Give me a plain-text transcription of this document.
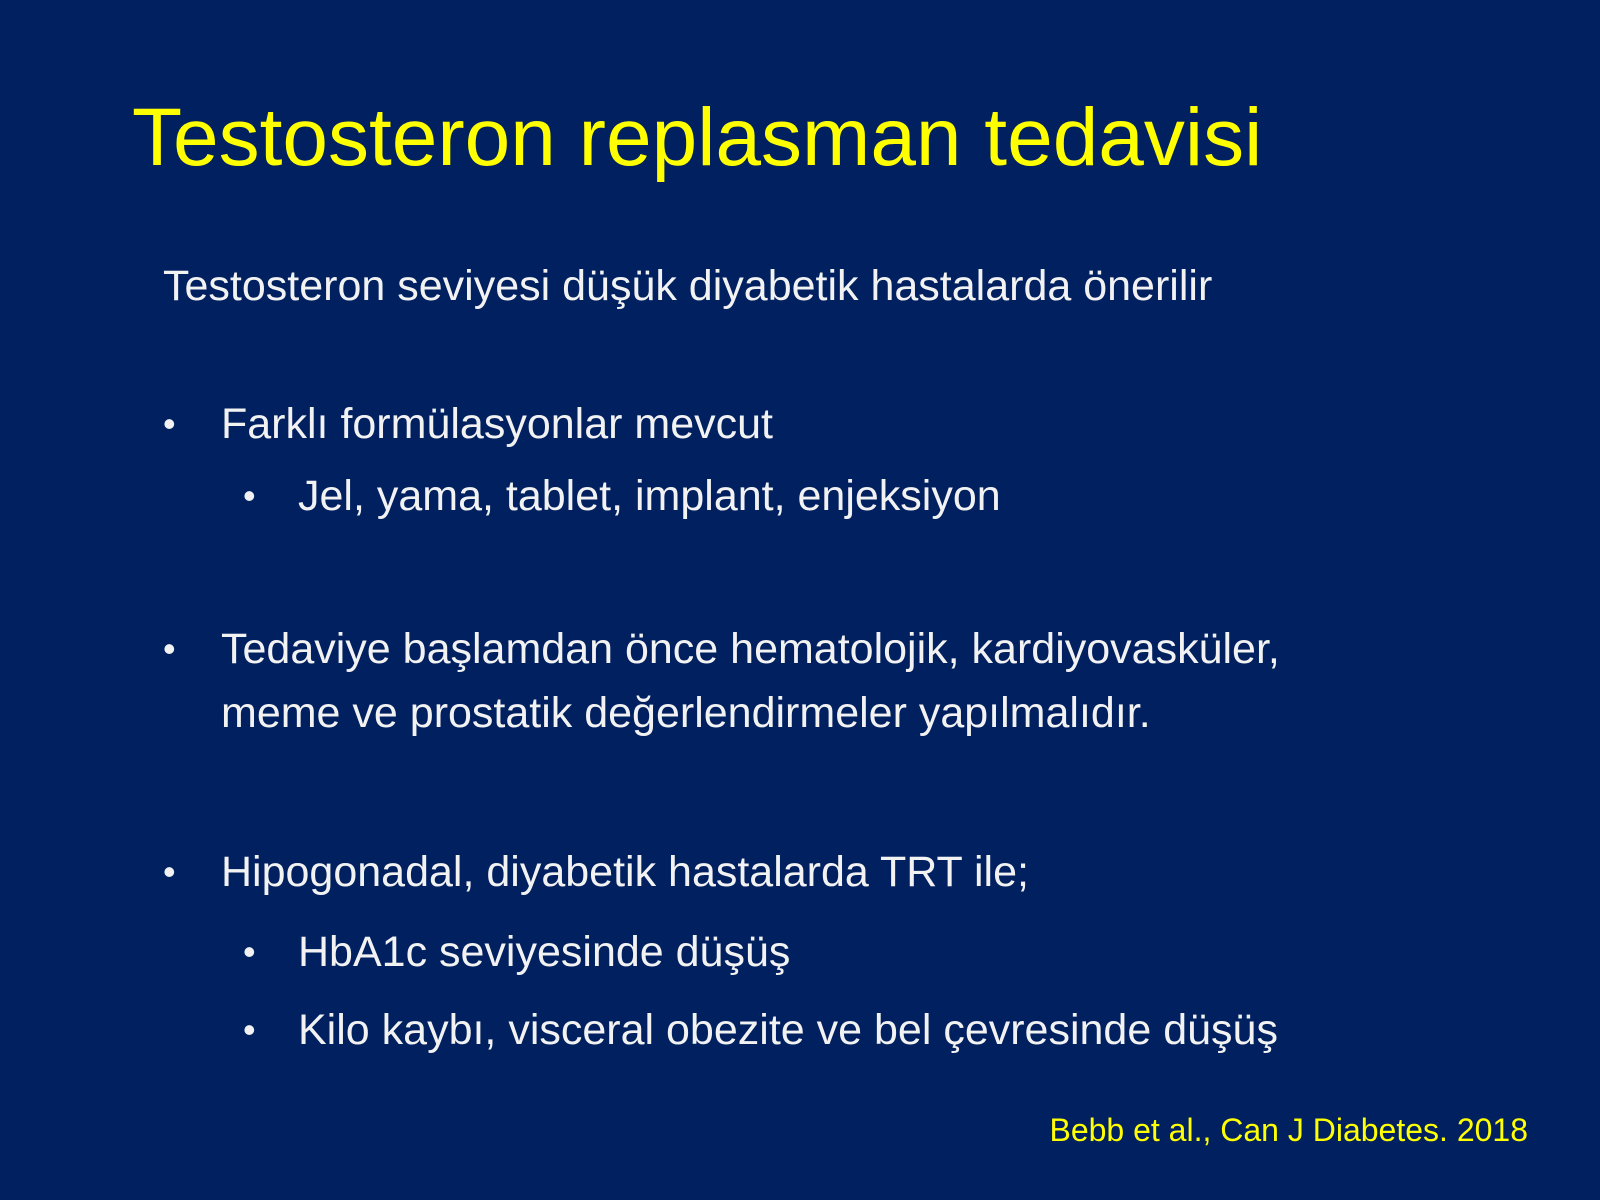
Testosteron replasman tedavisi

Testosteron seviyesi düşük diyabetik hastalarda önerilir

• Farklı formülasyonlar mevcut
• Jel, yama, tablet, implant, enjeksiyon
• Tedaviye başlamdan önce hematolojik, kardiyovasküler,
meme ve prostatik değerlendirmeler yapılmalıdır.
• Hipogonadal, diyabetik hastalarda TRT ile;
• HbA1c seviyesinde düşüş
• Kilo kaybı, visceral obezite ve bel çevresinde düşüş
Bebb et al., Can J Diabetes. 2018
